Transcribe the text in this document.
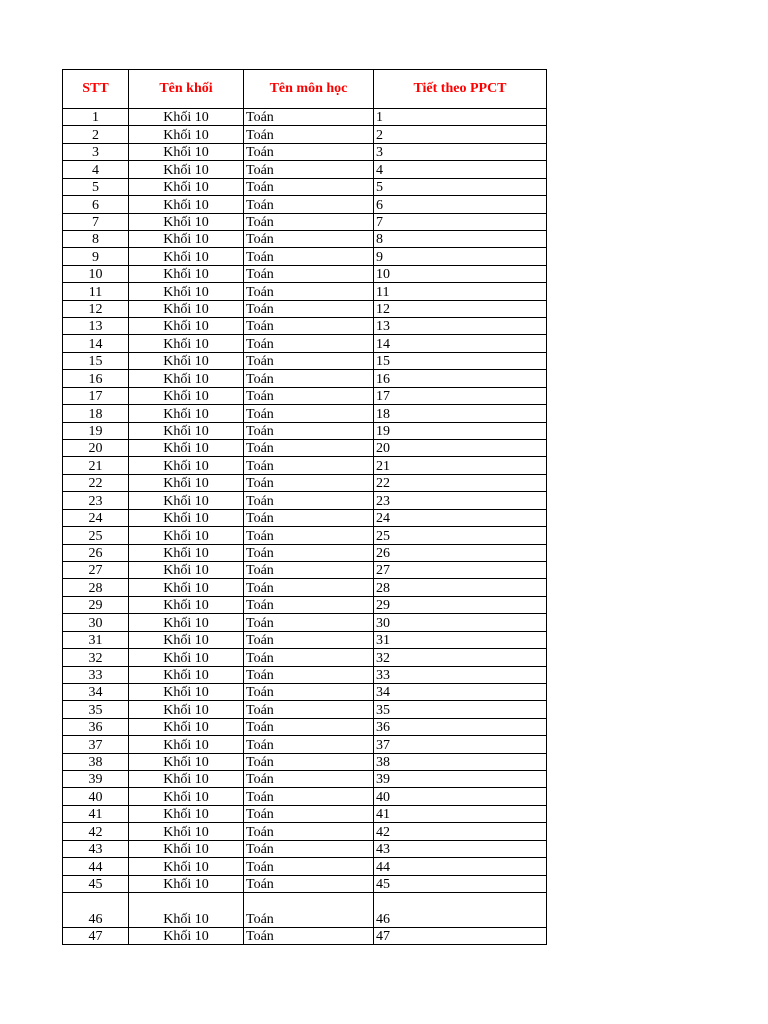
STT	Tên khối	Tên môn học	Tiết theo PPCT
1	Khối 10	Toán	1
2	Khối 10	Toán	2
3	Khối 10	Toán	3
4	Khối 10	Toán	4
5	Khối 10	Toán	5
6	Khối 10	Toán	6
7	Khối 10	Toán	7
8	Khối 10	Toán	8
9	Khối 10	Toán	9
10	Khối 10	Toán	10
11	Khối 10	Toán	11
12	Khối 10	Toán	12
13	Khối 10	Toán	13
14	Khối 10	Toán	14
15	Khối 10	Toán	15
16	Khối 10	Toán	16
17	Khối 10	Toán	17
18	Khối 10	Toán	18
19	Khối 10	Toán	19
20	Khối 10	Toán	20
21	Khối 10	Toán	21
22	Khối 10	Toán	22
23	Khối 10	Toán	23
24	Khối 10	Toán	24
25	Khối 10	Toán	25
26	Khối 10	Toán	26
27	Khối 10	Toán	27
28	Khối 10	Toán	28
29	Khối 10	Toán	29
30	Khối 10	Toán	30
31	Khối 10	Toán	31
32	Khối 10	Toán	32
33	Khối 10	Toán	33
34	Khối 10	Toán	34
35	Khối 10	Toán	35
36	Khối 10	Toán	36
37	Khối 10	Toán	37
38	Khối 10	Toán	38
39	Khối 10	Toán	39
40	Khối 10	Toán	40
41	Khối 10	Toán	41
42	Khối 10	Toán	42
43	Khối 10	Toán	43
44	Khối 10	Toán	44
45	Khối 10	Toán	45
46	Khối 10	Toán	46
47	Khối 10	Toán	47
